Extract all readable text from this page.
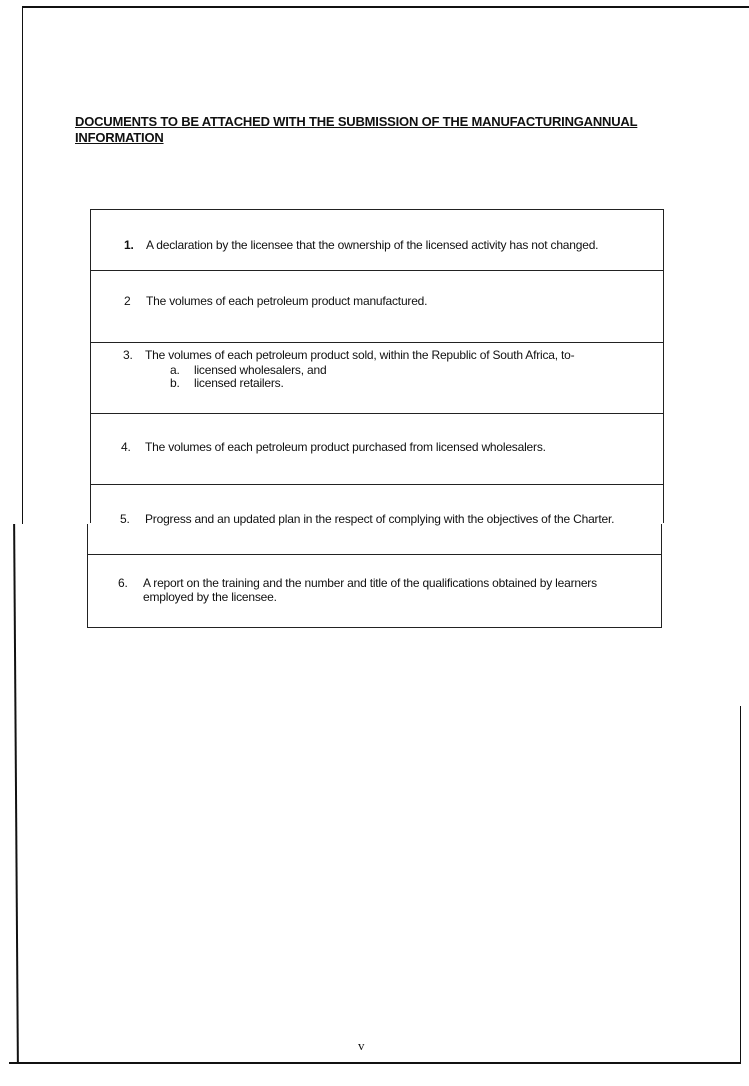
DOCUMENTS TO BE ATTACHED WITH THE SUBMISSION OF THE MANUFACTURINGANNUAL
INFORMATION
1. A declaration by the licensee that the ownership of the licensed activity has not changed.
2 The volumes of each petroleum product manufactured.
3. The volumes of each petroleum product sold, within the Republic of South Africa, to-
a. licensed wholesalers, and
b. licensed retailers.
4. The volumes of each petroleum product purchased from licensed wholesalers.
5. Progress and an updated plan in the respect of complying with the objectives of the Charter.
6. A report on the training and the number and title of the qualifications obtained by learners
employed by the licensee.
v
